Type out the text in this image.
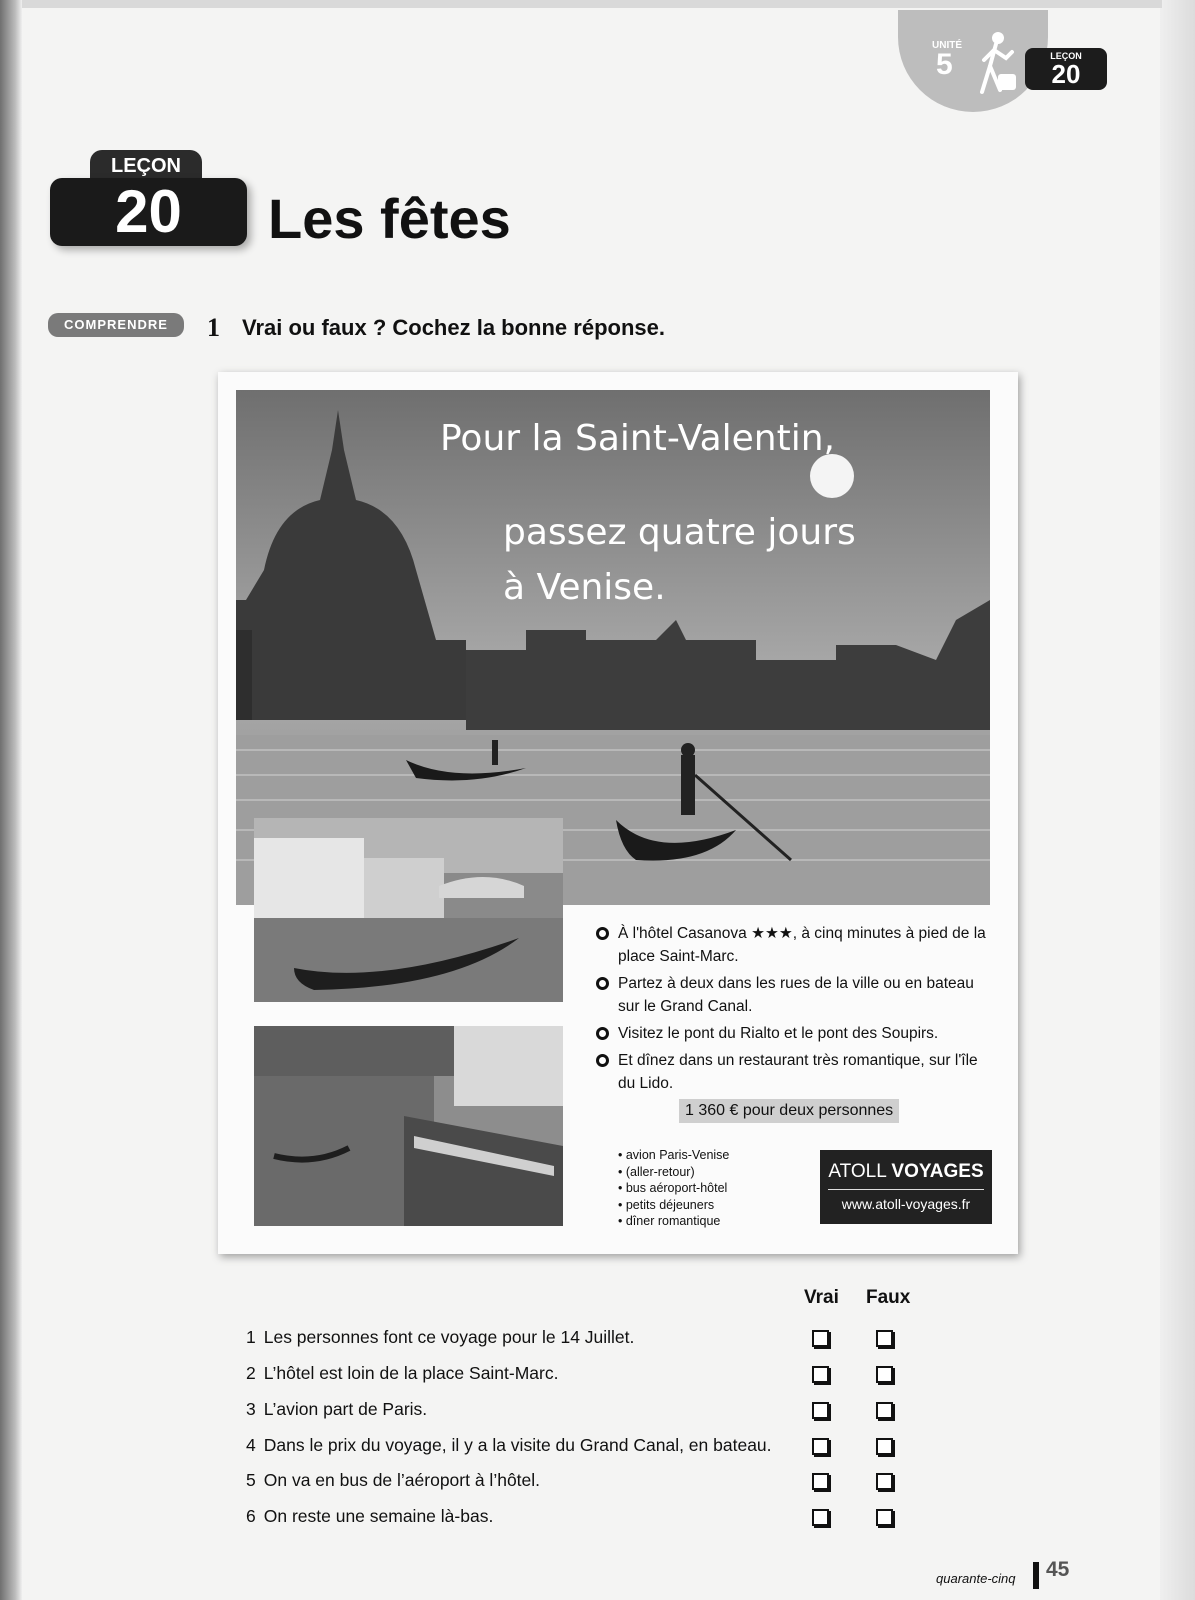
UNITÉ
5	LEÇON
20
LEÇON
20	Les fêtes
COMPRENDRE	1 Vrai ou faux ? Cochez la bonne réponse.
Pour la Saint-Valentin,
passez quatre jours
à Venise.
À l'hôtel Casanova ★★★, à cinq minutes à pied de la place Saint-Marc.
Partez à deux dans les rues de la ville ou en bateau sur le Grand Canal.
Visitez le pont du Rialto et le pont des Soupirs.
Et dînez dans un restaurant très romantique, sur l'île du Lido.
1 360 € pour deux personnes
• avion Paris-Venise
• (aller-retour)
• bus aéroport-hôtel
• petits déjeuners
• dîner romantique
ATOLL VOYAGES
www.atoll-voyages.fr
Vrai Faux
1 Les personnes font ce voyage pour le 14 Juillet.
2 L’hôtel est loin de la place Saint-Marc.
3 L’avion part de Paris.
4 Dans le prix du voyage, il y a la visite du Grand Canal, en bateau.
5 On va en bus de l’aéroport à l’hôtel.
6 On reste une semaine là-bas.
quarante-cinq 45
